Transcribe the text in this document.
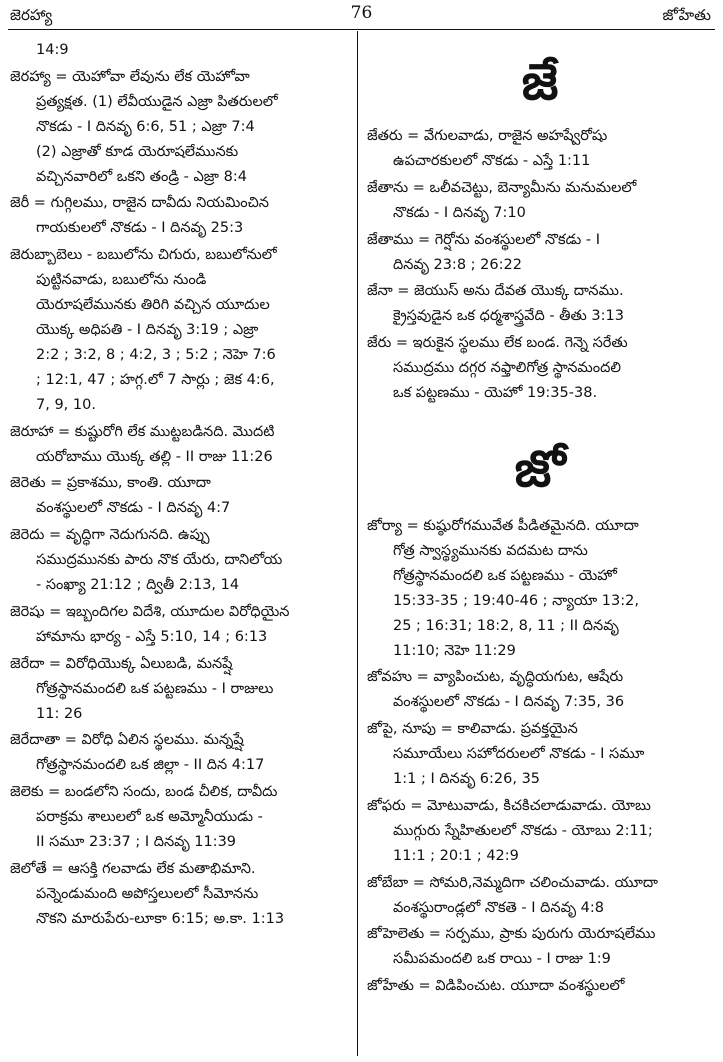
జెరహ్యా	76	జోహేతు
14:9
జెరహ్యా = యెహోవా లేవును లేక యెహోవా
ప్రత్యక్షత. (1) లేవీయుడైన ఎజ్రా పితరులలో
నొకడు - I దినవృ 6:6, 51 ; ఎజ్రా 7:4
(2) ఎజ్రాతో కూడ యెరూషలేమునకు
వచ్చినవారిలో ఒకని తండ్రి - ఎజ్రా 8:4
జెరీ = గుగ్గిలము, రాజైన దావీదు నియమించిన
గాయకులలో నొకడు - I దినవృ 25:3
జెరుబ్బాబెలు - బబులోను చిగురు, బబులోనులో
పుట్టినవాడు, బబులోను నుండి
యెరూషలేమునకు తిరిగి వచ్చిన యూదుల
యొక్క అధిపతి - I దినవృ 3:19 ; ఎజ్రా
2:2 ; 3:2, 8 ; 4:2, 3 ; 5:2 ; నెహె 7:6
; 12:1, 47 ; హగ్గ.లో 7 సార్లు ; జెక 4:6,
7, 9, 10.
జెరూహా = కుష్టురోగి లేక ముట్టబడినది. మొదటి
యరోబాము యొక్క తల్లి - II రాజు 11:26
జెరెతు = ప్రకాశము, కాంతి. యూదా
వంశస్థులలో నొకడు - I దినవృ 4:7
జెరెదు = వృద్ధిగా నెదుగునది. ఉప్పు
సముద్రమునకు పారు నొక యేరు, దానిలోయ
- సంఖ్యా 21:12 ; ద్వితీ 2:13, 14
జెరెషు = ఇబ్బందిగల విదేశి, యూదుల విరోధియైన
హామాను భార్య - ఎస్తే 5:10, 14 ; 6:13
జెరేదా = విరోధియొక్క ఏలుబడి, మనష్షే
గోత్రస్థానమందలి ఒక పట్టణము - I రాజులు
11: 26
జెరేదాతా = విరోధి ఏలిన స్థలము. మన్నష్షే
గోత్రస్థానమందలి ఒక జిల్లా - II దిన 4:17
జెలెకు = బండలోని సందు, బండ చీలిక, దావీదు
పరాక్రమ శాలులలో ఒక అమ్మోనీయుడు -
II సమూ 23:37 ; I దినవృ 11:39
జెలోతే = ఆసక్తి గలవాడు లేక మతాభిమాని.
పన్నెండుమంది అపోస్తలులలో సీమోనను
నొకని మారుపేరు-లూకా 6:15; అ.కా. 1:13
జే
జేతరు = వేగులవాడు, రాజైన అహష్వేరోషు
ఉపచారకులలో నొకడు - ఎస్తే 1:11
జేతాను = ఒలీవచెట్టు, బెన్యామీను మనుమలలో
నొకడు - I దినవృ 7:10
జేతాము = గెర్షోను వంశస్థులలో నొకడు - I
దినవృ 23:8 ; 26:22
జేనా = జెయుస్ అను దేవత యొక్క దానము.
క్రైస్తవుడైన ఒక ధర్మశాస్త్రవేది - తీతు 3:13
జేరు = ఇరుకైన స్థలము లేక బండ. గెన్నె సరేతు
సముద్రము దగ్గర నఫ్తాలిగోత్ర స్థానమందలి
ఒక పట్టణము - యెహో 19:35-38.
జో
జోర్యా = కుష్ఠురోగమువేత పీడితమైనది. యూదా
గోత్ర స్వాస్థ్యమునకు వదమట దాను
గోత్రస్థానమందలి ఒక పట్టణము - యెహో
15:33-35 ; 19:40-46 ; న్యాయా 13:2,
25 ; 16:31; 18:2, 8, 11 ; II దినవృ
11:10; నెహె 11:29
జోవహు = వ్యాపించుట, వృద్ధియగుట, ఆషేరు
వంశస్థులలో నొకడు - I దినవృ 7:35, 36
జోపై, నూపు = కాలివాడు. ప్రవక్తయైన
సమూయేలు సహోదరులలో నొకడు - I సమూ
1:1 ; I దినవృ 6:26, 35
జోఫరు = మోటువాడు, కిచకిచలాడువాడు. యోబు
ముగ్గురు స్నేహితులలో నొకడు - యోబు 2:11;
11:1 ; 20:1 ; 42:9
జోబేబా = సోమరి,నెమ్మదిగా చలించువాడు. యూదా
వంశస్థురాండ్లలో నొకతె - I దినవృ 4:8
జోహెలెతు = సర్పము, ప్రాకు పురుగు యెరూషలేము
సమీపమందలి ఒక రాయి - I రాజు 1:9
జోహేతు = విడిపించుట. యూదా వంశస్థులలో
